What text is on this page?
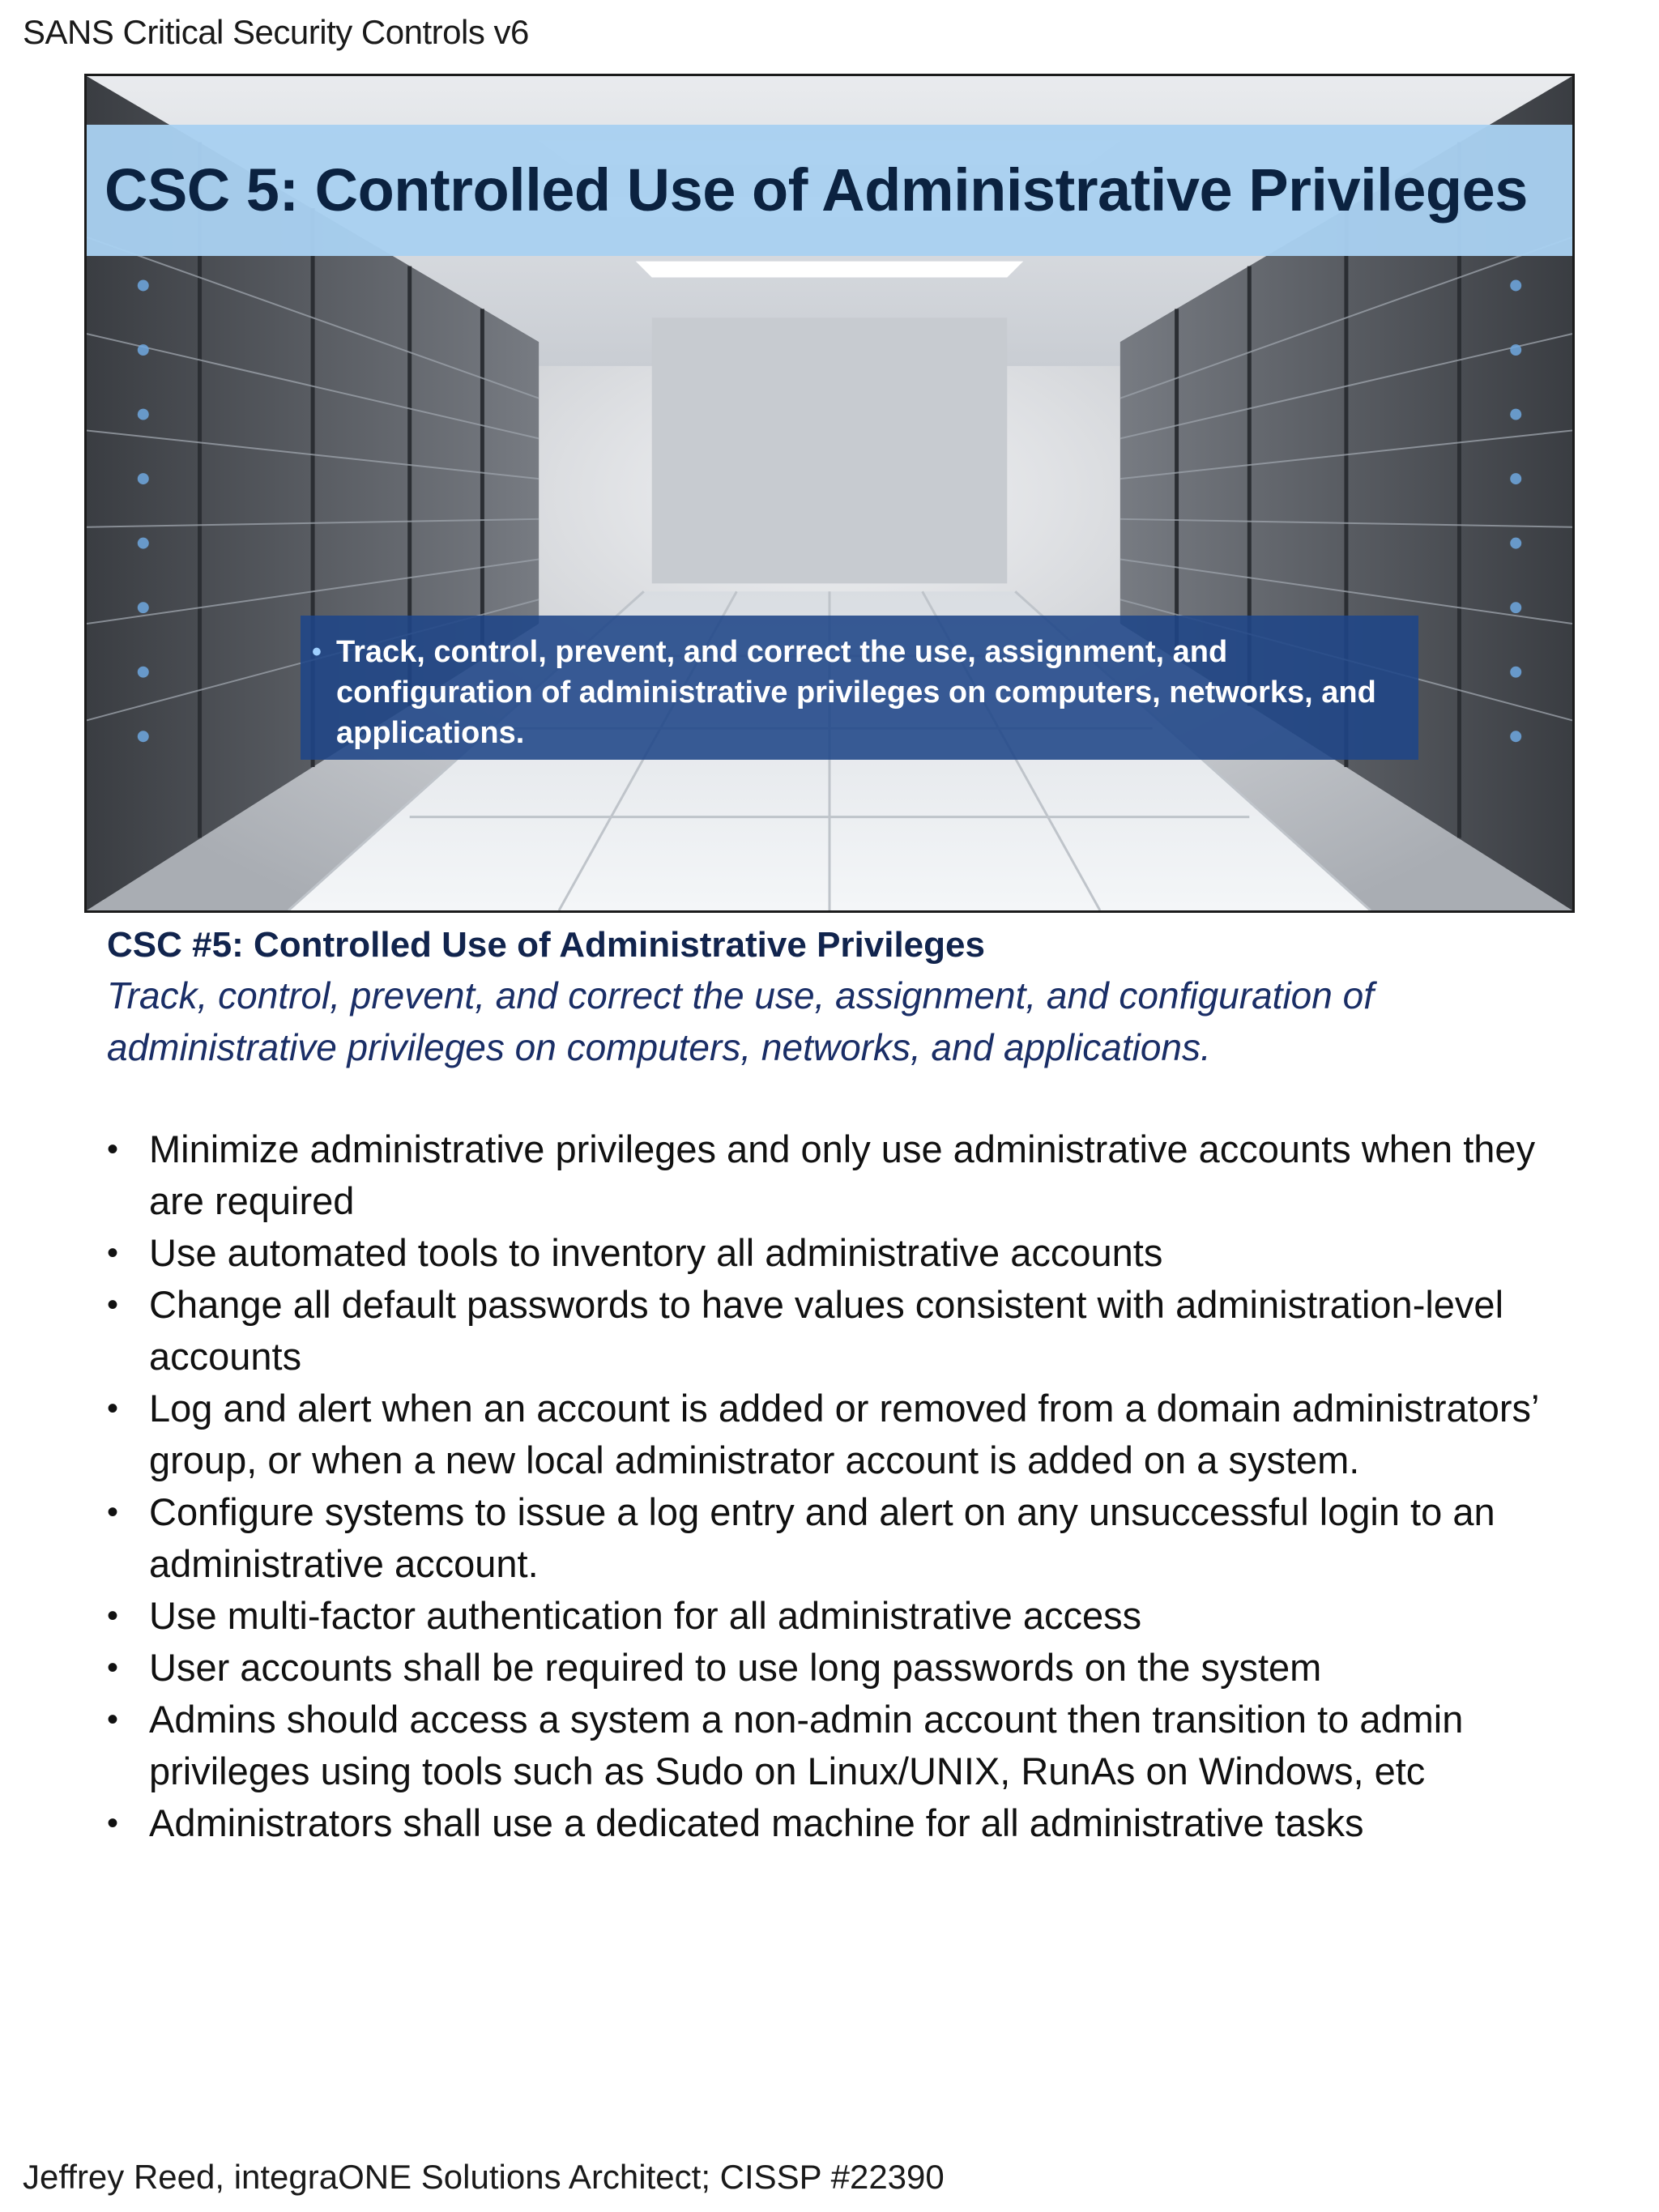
SANS Critical Security Controls v6
CSC 5: Controlled Use of Administrative Privileges
• Track, control, prevent, and correct the use, assignment, and configuration of administrative privileges on computers, networks, and applications.
CSC #5: Controlled Use of Administrative Privileges
Track, control, prevent, and correct the use, assignment, and configuration of administrative privileges on computers, networks, and applications.
• Minimize administrative privileges and only use administrative accounts when they are required
• Use automated tools to inventory all administrative accounts
• Change all default passwords to have values consistent with administration-level accounts
• Log and alert when an account is added or removed from a domain administrators’ group, or when a new local administrator account is added on a system.
• Configure systems to issue a log entry and alert on any unsuccessful login to an administrative account.
• Use multi-factor authentication for all administrative access
• User accounts shall be required to use long passwords on the system
• Admins should access a system a non-admin account then transition to admin privileges using tools such as Sudo on Linux/UNIX, RunAs on Windows, etc
• Administrators shall use a dedicated machine for all administrative tasks
Jeffrey Reed, integraONE Solutions Architect; CISSP #22390
